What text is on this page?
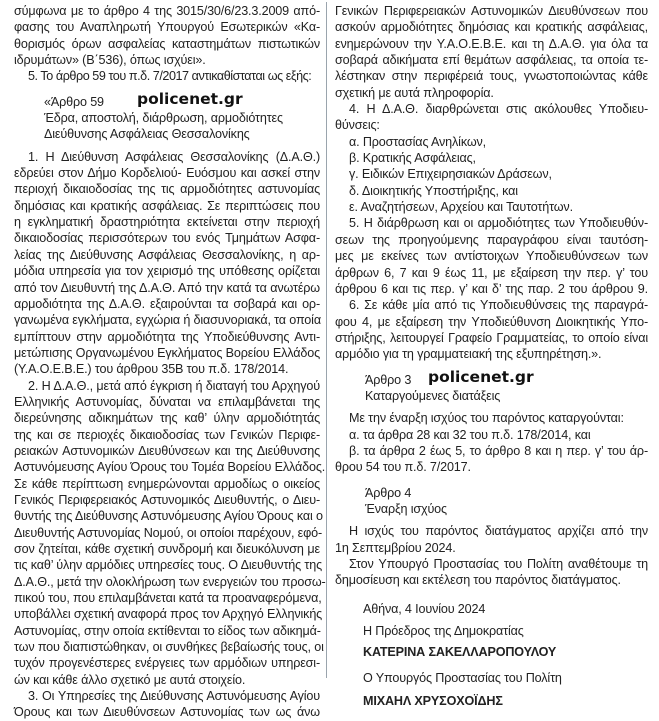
σύμφωνα με το άρθρο 4 της 3015/30/6/23.3.2009 από-
φασης του Αναπληρωτή Υπουργού Εσωτερικών «Κα-
θορισμός όρων ασφαλείας καταστημάτων πιστωτικών
ιδρυμάτων» (Β΄536), όπως ισχύει».
5. Το άρθρο 59 του π.δ. 7/2017 αντικαθίσταται ως εξής:
«Άρθρο 59	policenet.gr
Έδρα, αποστολή, διάρθρωση, αρμοδιότητες
Διεύθυνσης Ασφάλειας Θεσσαλονίκης
1. Η Διεύθυνση Ασφάλειας Θεσσαλονίκης (Δ.Α.Θ.)
εδρεύει στον Δήμο Κορδελιού- Ευόσμου και ασκεί στην
περιοχή δικαιοδοσίας της τις αρμοδιότητες αστυνομίας
δημόσιας και κρατικής ασφάλειας. Σε περιπτώσεις που
η εγκληματική δραστηριότητα εκτείνεται στην περιοχή
δικαιοδοσίας περισσότερων του ενός Τμημάτων Ασφα-
λείας της Διεύθυνσης Ασφάλειας Θεσσαλονίκης, η αρ-
μόδια υπηρεσία για τον χειρισμό της υπόθεσης ορίζεται
από τον Διευθυντή της Δ.Α.Θ. Από την κατά τα ανωτέρω
αρμοδιότητα της Δ.Α.Θ. εξαιρούνται τα σοβαρά και ορ-
γανωμένα εγκλήματα, εγχώρια ή διασυνοριακά, τα οποία
εμπίπτουν στην αρμοδιότητα της Υποδιεύθυνσης Αντι-
μετώπισης Οργανωμένου Εγκλήματος Βορείου Ελλάδος
(Υ.Α.Ο.Ε.Β.Ε.) του άρθρου 35Β του π.δ. 178/2014.
2. Η Δ.Α.Θ., μετά από έγκριση ή διαταγή του Αρχηγού
Ελληνικής Αστυνομίας, δύναται να επιλαμβάνεται της
διερεύνησης αδικημάτων της καθ’ ύλην αρμοδιότητάς
της και σε περιοχές δικαιοδοσίας των Γενικών Περιφε-
ρειακών Αστυνομικών Διευθύνσεων και της Διεύθυνσης
Αστυνόμευσης Αγίου Όρους του Τομέα Βορείου Ελλάδος.
Σε κάθε περίπτωση ενημερώνονται αρμοδίως ο οικείος
Γενικός Περιφερειακός Αστυνομικός Διευθυντής, ο Διευ-
θυντής της Διεύθυνσης Αστυνόμευσης Αγίου Όρους και ο
Διευθυντής Αστυνομίας Νομού, οι οποίοι παρέχουν, εφό-
σον ζητείται, κάθε σχετική συνδρομή και διευκόλυνση με
τις καθ’ ύλην αρμόδιες υπηρεσίες τους. Ο Διευθυντής της
Δ.Α.Θ., μετά την ολοκλήρωση των ενεργειών του προσω-
πικού του, που επιλαμβάνεται κατά τα προαναφερόμενα,
υποβάλλει σχετική αναφορά προς τον Αρχηγό Ελληνικής
Αστυνομίας, στην οποία εκτίθενται το είδος των αδικημά-
των που διαπιστώθηκαν, οι συνθήκες βεβαίωσής τους, οι
τυχόν προγενέστερες ενέργειες των αρμόδιων υπηρεσι-
ών και κάθε άλλο σχετικό με αυτά στοιχείο.
3. Οι Υπηρεσίες της Διεύθυνσης Αστυνόμευσης Αγίου
Όρους και των Διευθύνσεων Αστυνομίας των ως άνω
Γενικών Περιφερειακών Αστυνομικών Διευθύνσεων που
ασκούν αρμοδιότητες δημόσιας και κρατικής ασφάλειας,
ενημερώνουν την Υ.Α.Ο.Ε.Β.Ε. και τη Δ.Α.Θ. για όλα τα
σοβαρά αδικήματα επί θεμάτων ασφάλειας, τα οποία τε-
λέστηκαν στην περιφέρειά τους, γνωστοποιώντας κάθε
σχετική με αυτά πληροφορία.
4. Η Δ.Α.Θ. διαρθρώνεται στις ακόλουθες Υποδιευ-
θύνσεις:
α. Προστασίας Ανηλίκων,
β. Κρατικής Ασφάλειας,
γ. Ειδικών Επιχειρησιακών Δράσεων,
δ. Διοικητικής Υποστήριξης, και
ε. Αναζητήσεων, Αρχείου και Ταυτοτήτων.
5. Η διάρθρωση και οι αρμοδιότητες των Υποδιευθύν-
σεων της προηγούμενης παραγράφου είναι ταυτόση-
μες με εκείνες των αντίστοιχων Υποδιευθύνσεων των
άρθρων 6, 7 και 9 έως 11, με εξαίρεση την περ. γ’ του
άρθρου 6 και τις περ. γ’ και δ’ της παρ. 2 του άρθρου 9.
6. Σε κάθε μία από τις Υποδιευθύνσεις της παραγρά-
φου 4, με εξαίρεση την Υποδιεύθυνση Διοικητικής Υπο-
στήριξης, λειτουργεί Γραφείο Γραμματείας, το οποίο είναι
αρμόδιο για τη γραμματειακή της εξυπηρέτηση.».
Άρθρο 3	policenet.gr
Καταργούμενες διατάξεις
Με την έναρξη ισχύος του παρόντος καταργούνται:
α. τα άρθρα 28 και 32 του π.δ. 178/2014, και
β. τα άρθρα 2 έως 5, το άρθρο 8 και η περ. γ’ του άρ-
θρου 54 του π.δ. 7/2017.
Άρθρο 4
Έναρξη ισχύος
Η ισχύς του παρόντος διατάγματος αρχίζει από την
1η Σεπτεμβρίου 2024.
Στον Υπουργό Προστασίας του Πολίτη αναθέτουμε τη
δημοσίευση και εκτέλεση του παρόντος διατάγματος.
Αθήνα, 4 Ιουνίου 2024
Η Πρόεδρος της Δημοκρατίας
ΚΑΤΕΡΙΝΑ ΣΑΚΕΛΛΑΡΟΠΟΥΛΟΥ
Ο Υπουργός Προστασίας του Πολίτη
ΜΙΧΑΗΛ ΧΡΥΣΟΧΟΪΔΗΣ
